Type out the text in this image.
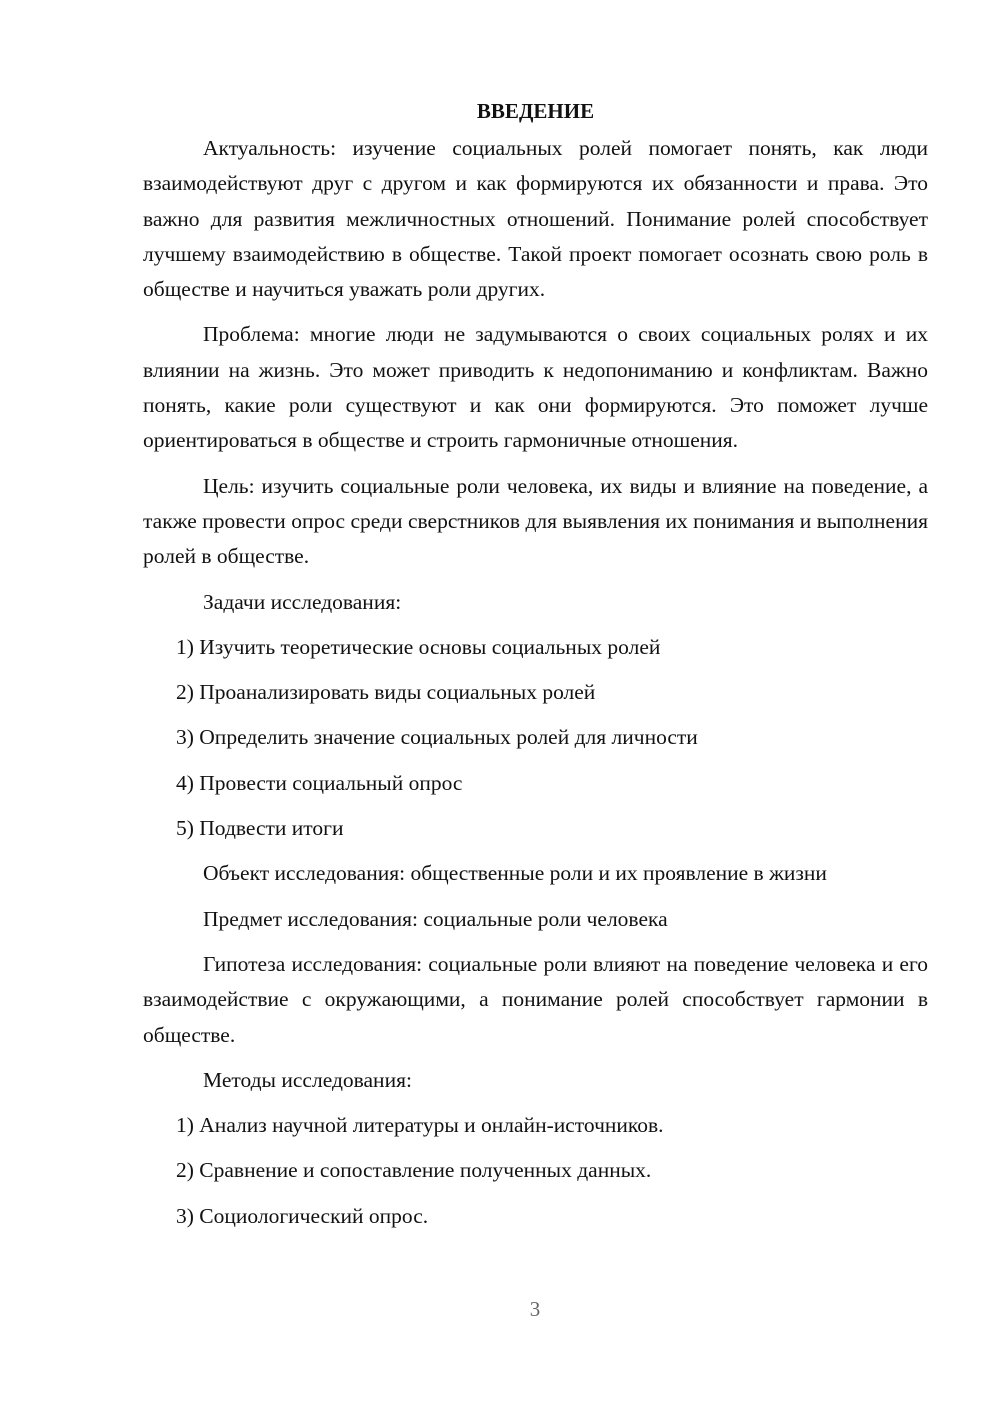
ВВЕДЕНИЕ

Актуальность: изучение социальных ролей помогает понять, как люди взаимодействуют друг с другом и как формируются их обязанности и права. Это важно для развития межличностных отношений. Понимание ролей способствует лучшему взаимодействию в обществе. Такой проект помогает осознать свою роль в обществе и научиться уважать роли других.

Проблема: многие люди не задумываются о своих социальных ролях и их влиянии на жизнь. Это может приводить к недопониманию и конфликтам. Важно понять, какие роли существуют и как они формируются. Это поможет лучше ориентироваться в обществе и строить гармоничные отношения.

Цель: изучить социальные роли человека, их виды и влияние на поведение, а также провести опрос среди сверстников для выявления их понимания и выполнения ролей в обществе.

Задачи исследования:
1) Изучить теоретические основы социальных ролей
2) Проанализировать виды социальных ролей
3) Определить значение социальных ролей для личности
4) Провести социальный опрос
5) Подвести итоги
Объект исследования: общественные роли и их проявление в жизни
Предмет исследования: социальные роли человека

Гипотеза исследования: социальные роли влияют на поведение человека и его взаимодействие с окружающими, а понимание ролей способствует гармонии в обществе.

Методы исследования:
1) Анализ научной литературы и онлайн-источников.
2) Сравнение и сопоставление полученных данных.
3) Социологический опрос.
3
